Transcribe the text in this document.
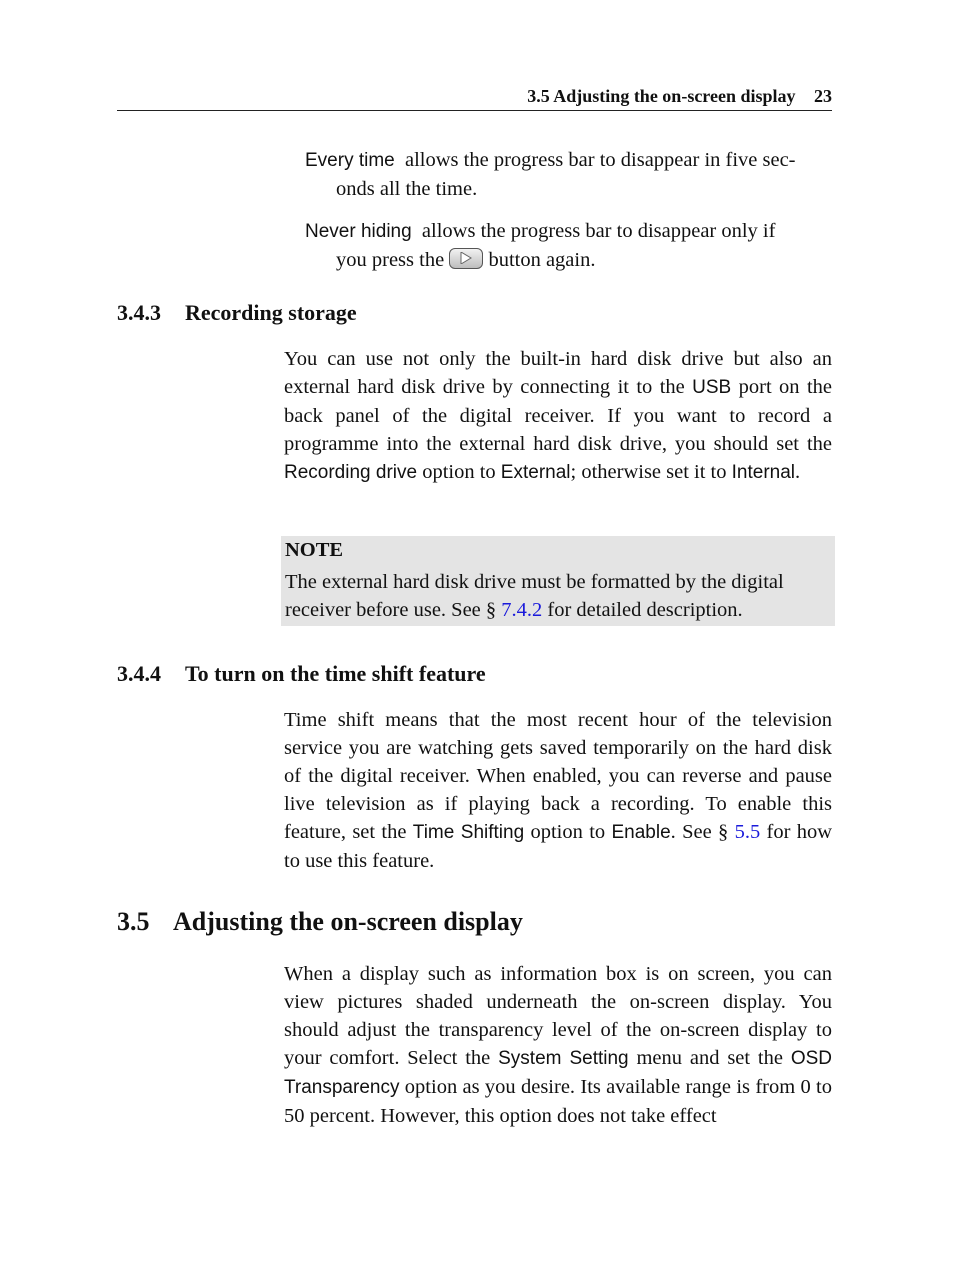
3.5 Adjusting the on-screen display 23
Every time allows the progress bar to disappear in five sec-
onds all the time.
Never hiding allows the progress bar to disappear only if
you press the button again.
3.4.3 Recording storage
You can use not only the built-in hard disk drive but also an external hard disk drive by connecting it to the USB port on the back panel of the digital receiver. If you want to record a programme into the external hard disk drive, you should set the Recording drive option to External; otherwise set it to Internal.
NOTE
The external hard disk drive must be formatted by the digital receiver before use. See § 7.4.2 for detailed description.
3.4.4 To turn on the time shift feature
Time shift means that the most recent hour of the television service you are watching gets saved temporarily on the hard disk of the digital receiver. When enabled, you can reverse and pause live television as if playing back a recording. To enable this feature, set the Time Shifting option to Enable. See § 5.5 for how to use this feature.
3.5 Adjusting the on-screen display
When a display such as information box is on screen, you can view pictures shaded underneath the on-screen display. You should adjust the transparency level of the on-screen display to your comfort. Select the System Setting menu and set the OSD Transparency option as you desire. Its available range is from 0 to 50 percent. However, this option does not take effect
